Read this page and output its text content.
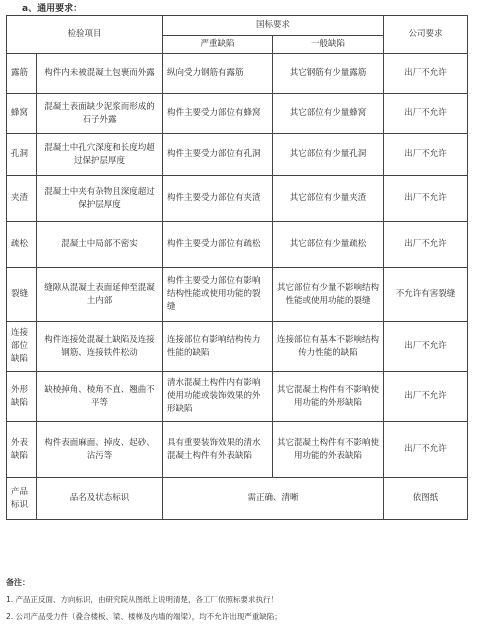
a、通用要求：
检验项目		国标要求		公司要求
		严重缺陷	一般缺陷	
露筋	构件内未被混凝土包裹而外露	纵向受力钢筋有露筋	其它钢筋有少量露筋	出厂不允许
蜂窝	混凝土表面缺少泥浆而形成的石子外露	构件主要受力部位有蜂窝	其它部位有少量蜂窝	出厂不允许
孔洞	混凝土中孔穴深度和长度均超过保护层厚度	构件主要受力部位有孔洞	其它部位有少量孔洞	出厂不允许
夹渣	混凝土中夹有杂物且深度超过保护层厚度	构件主要受力部位有夹渣	其它部位有少量夹渣	出厂不允许
疏松	混凝土中局部不密实	构件主要受力部位有疏松	其它部位有少量疏松	出厂不允许
裂缝	缝隙从混凝土表面延伸至混凝土内部	构件主要受力部位有影响结构性能或使用功能的裂缝	其它部位有少量不影响结构性能或使用功能的裂缝	不允许有害裂缝
连接部位缺陷	构件连接处混凝土缺陷及连接钢筋、连接铁件松动	连接部位有影响结构传力性能的缺陷	连接部位有基本不影响结构传力性能的缺陷	出厂不允许
外形缺陷	缺棱掉角、棱角不直、翘曲不平等	清水混凝土构件内有影响使用功能或装饰效果的外形缺陷	其它混凝土构件有不影响使用功能的外形缺陷	出厂不允许
外表缺陷	构件表面麻面、掉皮、起砂、沾污等	具有重要装饰效果的清水混凝土构件有外表缺陷	其它混凝土构件有不影响使用功能的外表缺陷	出厂不允许
产品标识	品名及状态标识	需正确、清晰		依图纸
备注：
1. 产品正反面、方向标识，由研究院从图纸上说明清楚，各工厂依照标要求执行！
2. 公司产品受力件（叠合楼板、梁、楼梯及内墙的端梁），均不允许出现严重缺陷；
